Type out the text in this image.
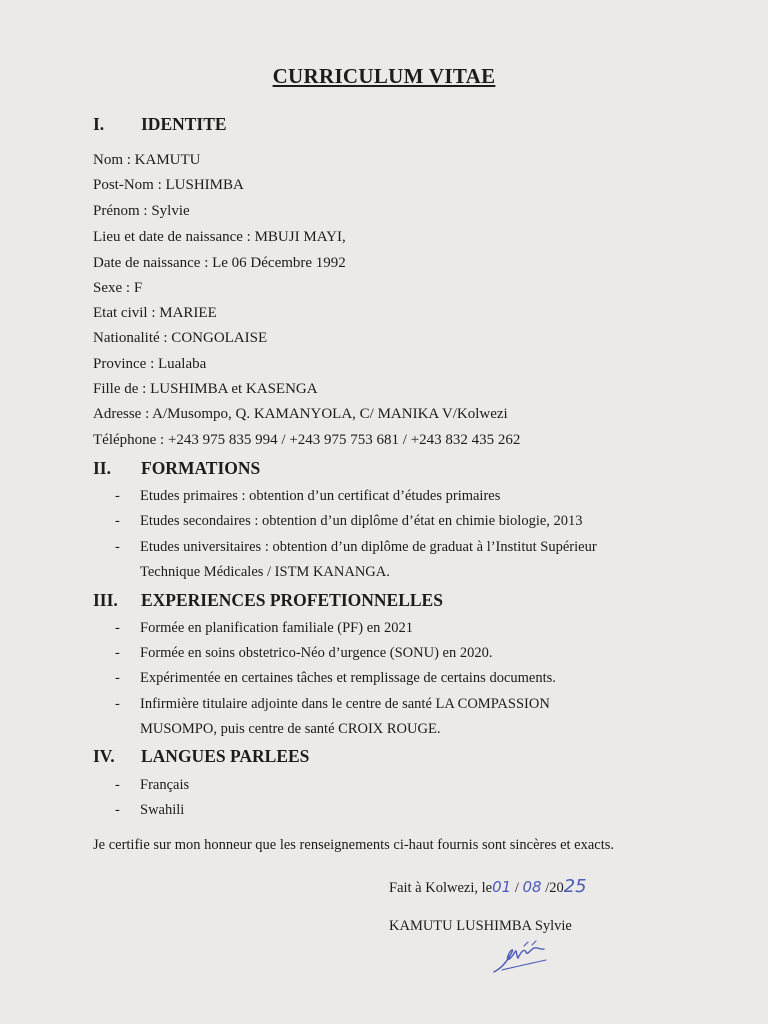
CURRICULUM VITAE
I. IDENTITE

Nom : KAMUTU

Post-Nom : LUSHIMBA

Prénom : Sylvie

Lieu et date de naissance : MBUJI MAYI,

Date de naissance : Le 06 Décembre 1992

Sexe : F

Etat civil : MARIEE

Nationalité : CONGOLAISE

Province : Lualaba

Fille de : LUSHIMBA et KASENGA

Adresse : A/Musompo, Q. KAMANYOLA, C/ MANIKA V/Kolwezi

Téléphone : +243 975 835 994 / +243 975 753 681 / +243 832 435 262

II. FORMATIONS

- Etudes primaires : obtention d’un certificat d’études primaires

- Etudes secondaires : obtention d’un diplôme d’état en chimie biologie, 2013

- Etudes universitaires : obtention d’un diplôme de graduat à l’Institut Supérieur

Technique Médicales / ISTM KANANGA.

III. EXPERIENCES PROFETIONNELLES

- Formée en planification familiale (PF) en 2021

- Formée en soins obstetrico-Néo d’urgence (SONU) en 2020.

- Expérimentée en certaines tâches et remplissage de certains documents.

- Infirmière titulaire adjointe dans le centre de santé LA COMPASSION

MUSOMPO, puis centre de santé CROIX ROUGE.

IV. LANGUES PARLEES

- Français

- Swahili

Je certifie sur mon honneur que les renseignements ci-haut fournis sont sincères et exacts.

Fait à Kolwezi, le01 / 08 /2025

KAMUTU LUSHIMBA Sylvie
